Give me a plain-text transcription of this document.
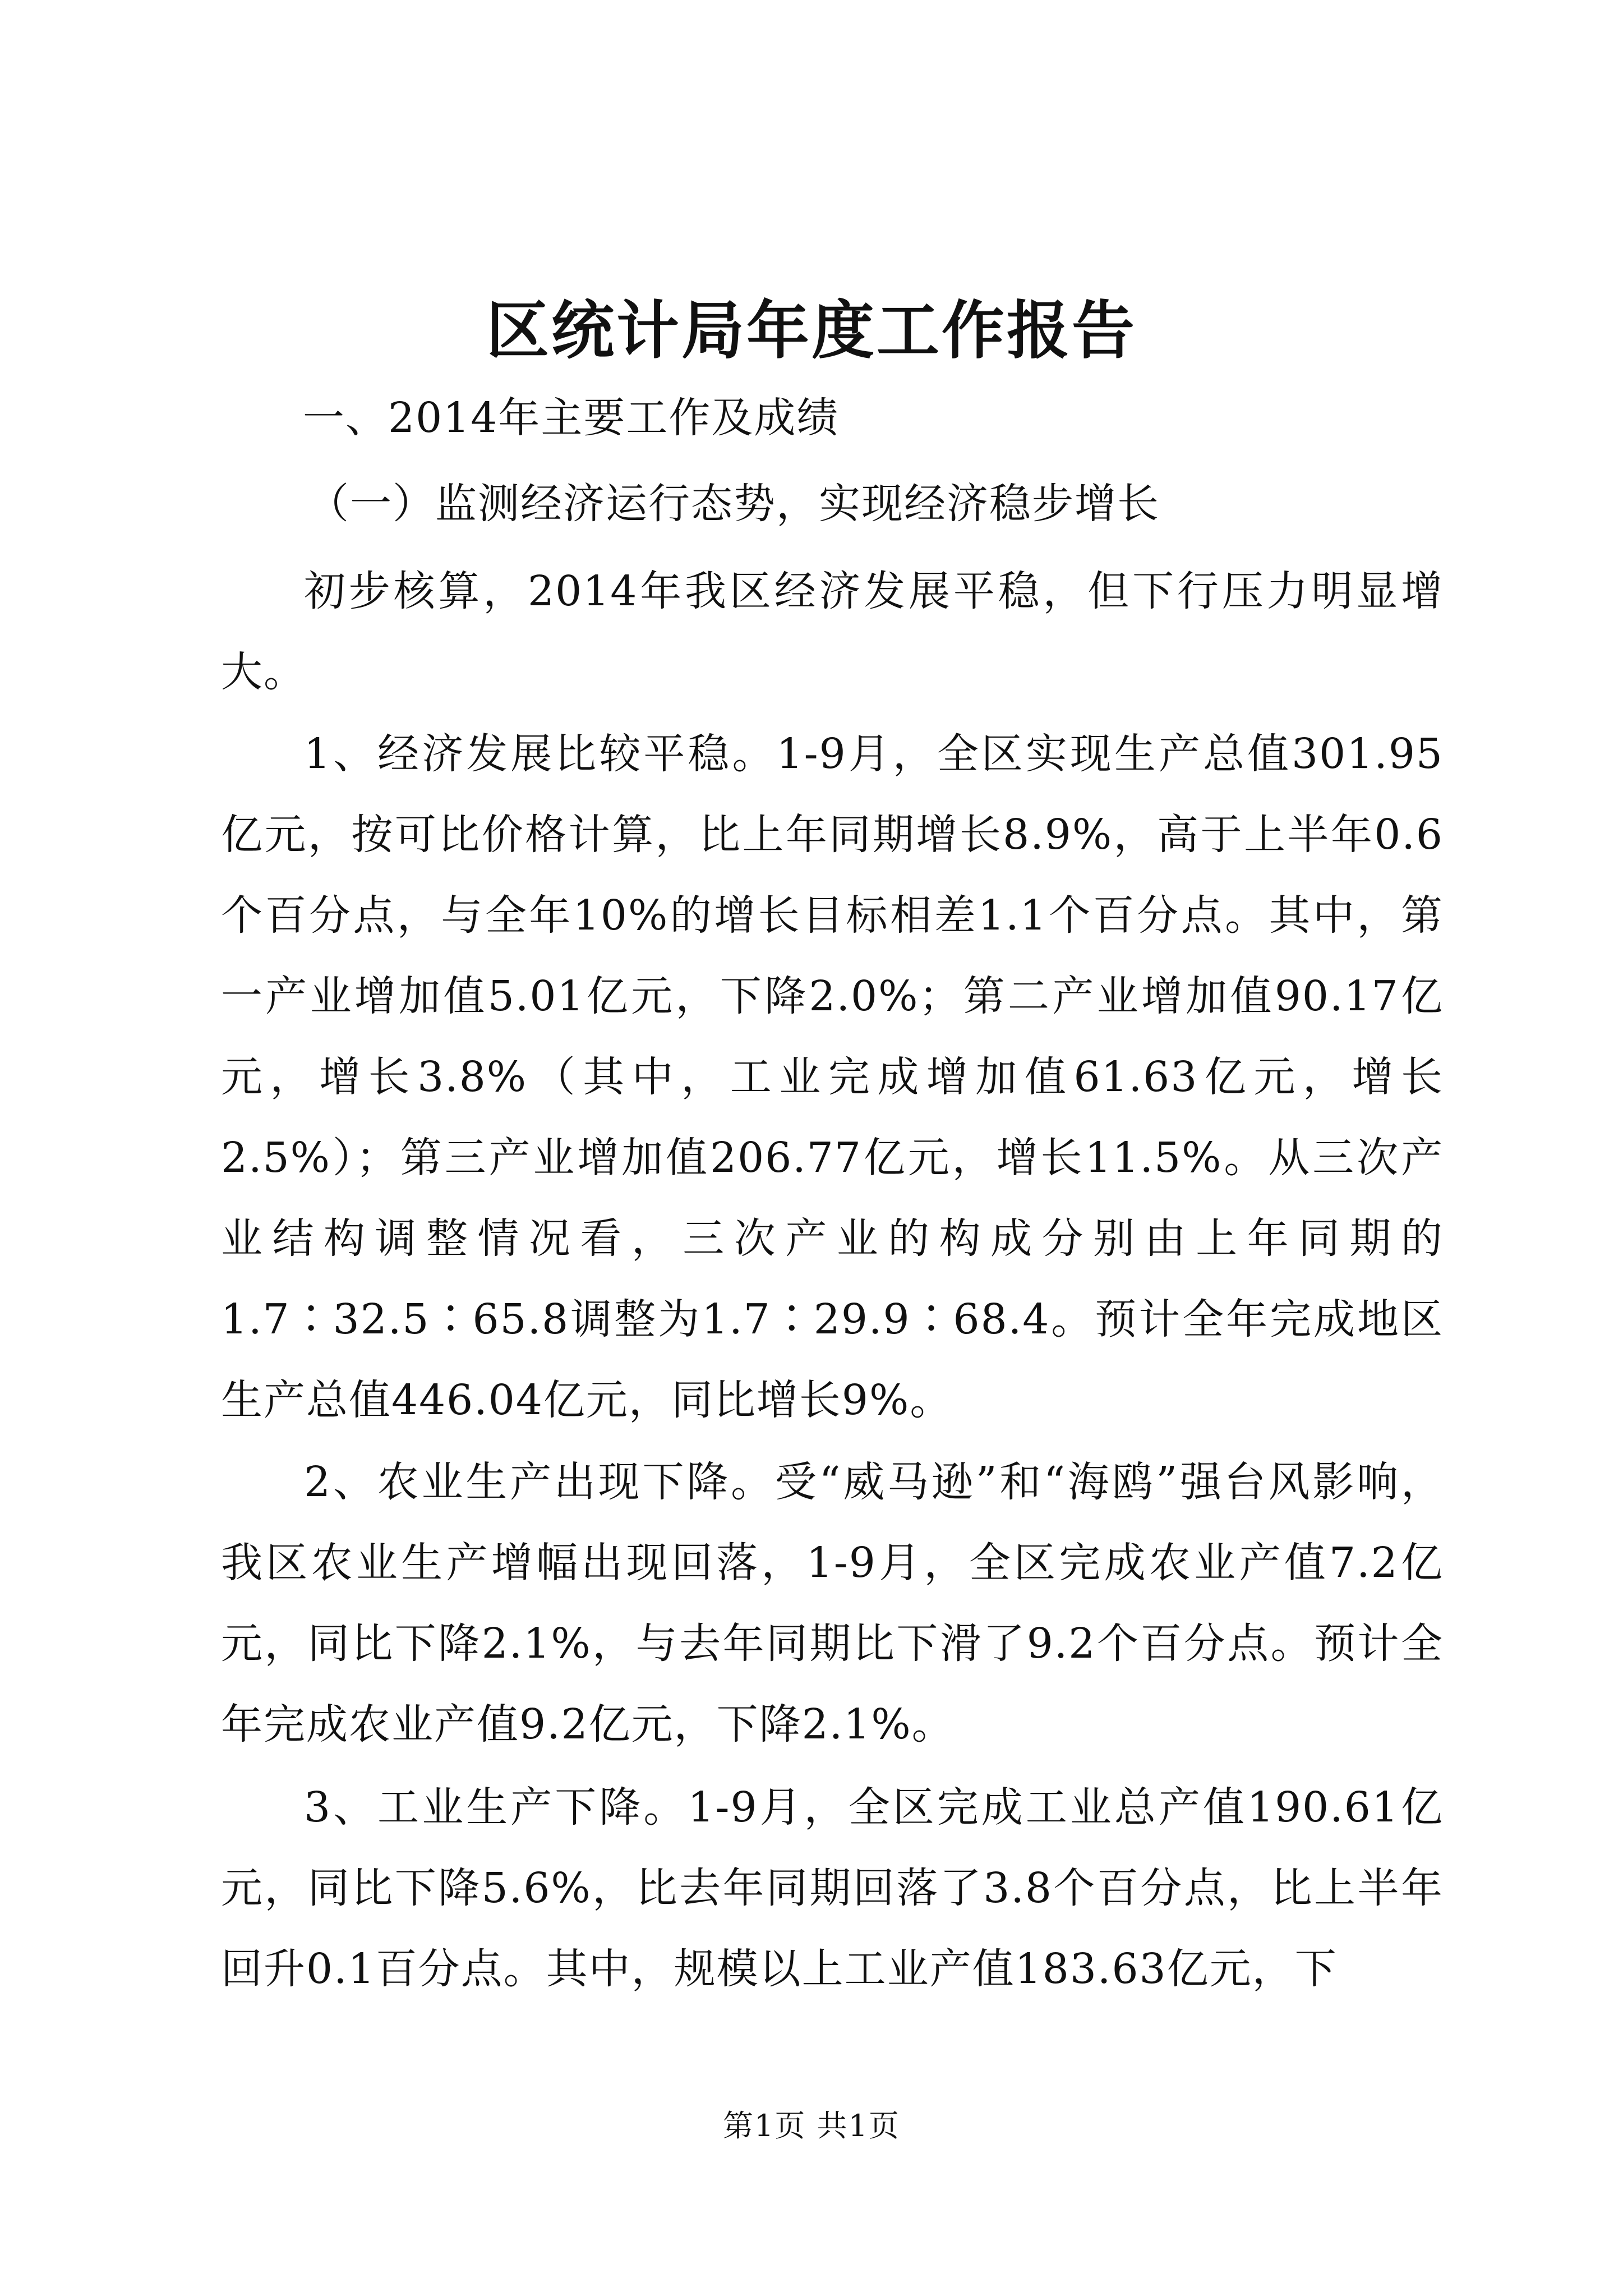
区统计局年度工作报告
一、2014年主要工作及成绩
（一）监测经济运行态势，实现经济稳步增长
初步核算，2014年我区经济发展平稳，但下行压力明显增大。
1、经济发展比较平稳。1-9月，全区实现生产总值301.95亿元，按可比价格计算，比上年同期增长8.9%，高于上半年0.6个百分点，与全年10%的增长目标相差1.1个百分点。其中，第一产业增加值5.01亿元，下降2.0%；第二产业增加值90.17亿元，增长3.8%（其中，工业完成增加值61.63亿元，增长2.5%）；第三产业增加值206.77亿元，增长11.5%。从三次产业结构调整情况看，三次产业的构成分别由上年同期的1.7∶32.5∶65.8调整为1.7∶29.9∶68.4。预计全年完成地区生产总值446.04亿元，同比增长9%。
2、农业生产出现下降。受“威马逊”和“海鸥”强台风影响，我区农业生产增幅出现回落，1-9月，全区完成农业产值7.2亿元，同比下降2.1%，与去年同期比下滑了9.2个百分点。预计全年完成农业产值9.2亿元，下降2.1%。
3、工业生产下降。1-9月，全区完成工业总产值190.61亿元，同比下降5.6%，比去年同期回落了3.8个百分点，比上半年回升0.1百分点。其中，规模以上工业产值183.63亿元，下
第1页 共1页
